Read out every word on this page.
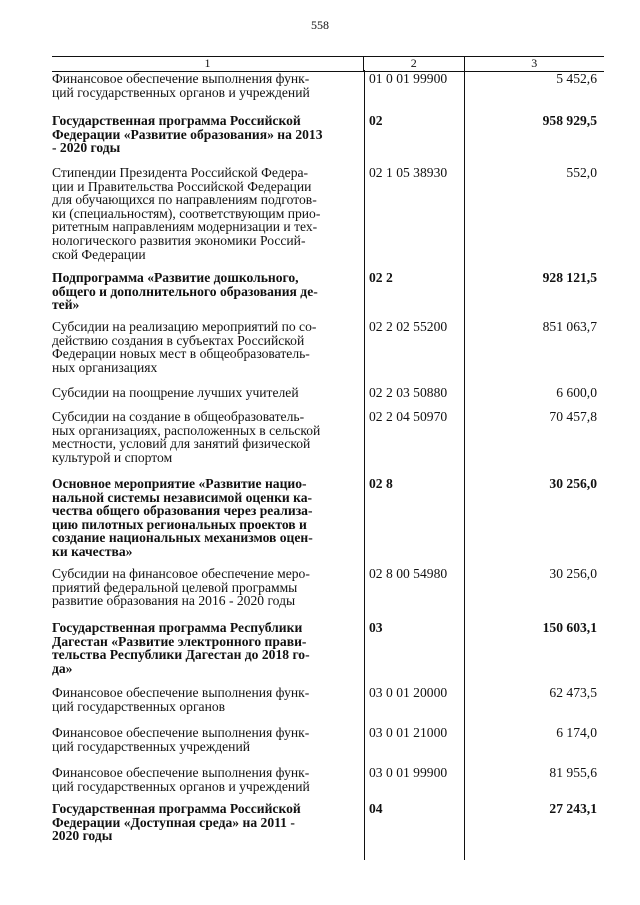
558
1	2	3
Финансовое обеспечение выполнения функ-
ций государственных органов и учреждений
01 0 01 99900	5 452,6
Государственная программа Российской
Федерации «Развитие образования» на 2013
- 2020 годы
02	958 929,5
Стипендии Президента Российской Федера-
ции и Правительства Российской Федерации
для обучающихся по направлениям подготов-
ки (специальностям), соответствующим прио-
ритетным направлениям модернизации и тех-
нологического развития экономики Россий-
ской Федерации
02 1 05 38930	552,0
Подпрограмма «Развитие дошкольного,
общего и дополнительного образования де-
тей»
02 2	928 121,5
Субсидии на реализацию мероприятий по со-
действию создания в субъектах Российской
Федерации новых мест в общеобразователь-
ных организациях
02 2 02 55200	851 063,7
Субсидии на поощрение лучших учителей	02 2 03 50880	6 600,0
Субсидии на создание в общеобразователь-
ных организациях, расположенных в сельской
местности, условий для занятий физической
культурой и спортом
02 2 04 50970	70 457,8
Основное мероприятие «Развитие нацио-
нальной системы независимой оценки ка-
чества общего образования через реализа-
цию пилотных региональных проектов и
создание национальных механизмов оцен-
ки качества»
02 8	30 256,0
Субсидии на финансовое обеспечение меро-
приятий федеральной целевой программы
развитие образования на 2016 - 2020 годы
02 8 00 54980	30 256,0
Государственная программа Республики
Дагестан «Развитие электронного прави-
тельства Республики Дагестан до 2018 го-
да»
03	150 603,1
Финансовое обеспечение выполнения функ-
ций государственных органов
03 0 01 20000	62 473,5
Финансовое обеспечение выполнения функ-
ций государственных учреждений
03 0 01 21000	6 174,0
Финансовое обеспечение выполнения функ-
ций государственных органов и учреждений
03 0 01 99900	81 955,6
Государственная программа Российской
Федерации «Доступная среда» на 2011 -
2020 годы
04	27 243,1
